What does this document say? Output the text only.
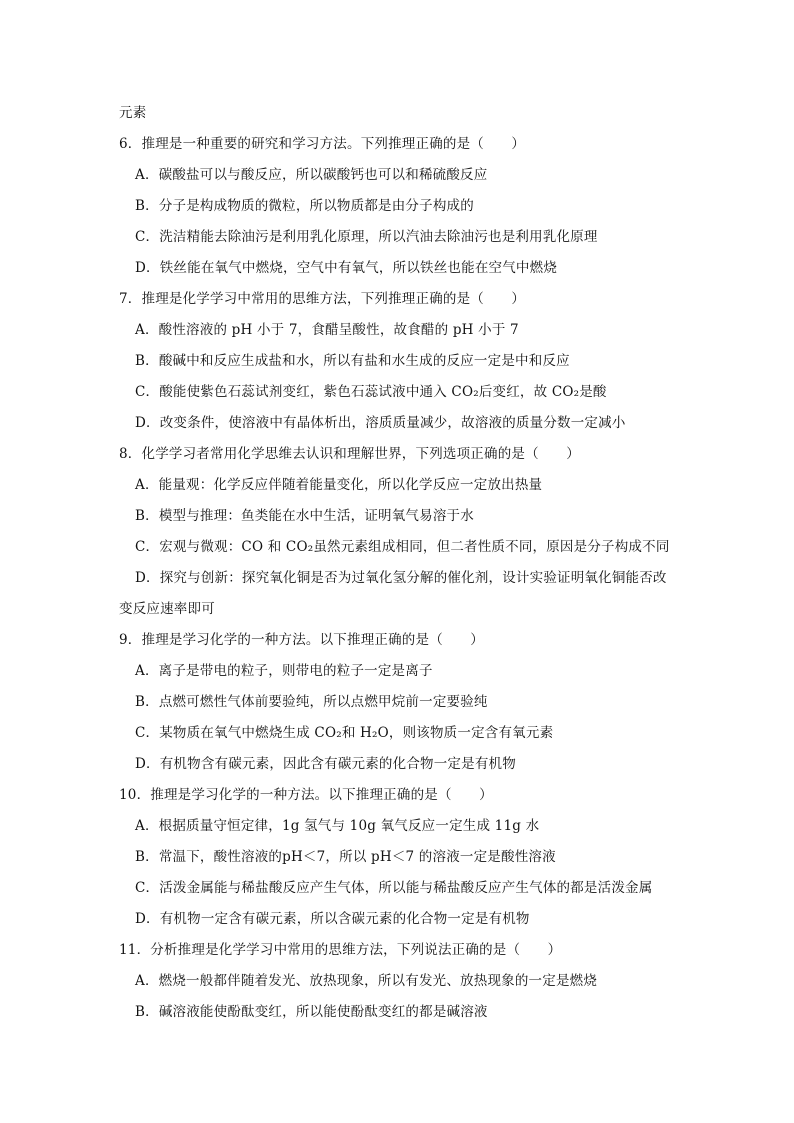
元素
6．推理是一种重要的研究和学习方法。下列推理正确的是（　　）
A．碳酸盐可以与酸反应，所以碳酸钙也可以和稀硫酸反应
B．分子是构成物质的微粒，所以物质都是由分子构成的
C．洗洁精能去除油污是利用乳化原理，所以汽油去除油污也是利用乳化原理
D．铁丝能在氧气中燃烧，空气中有氧气，所以铁丝也能在空气中燃烧
7．推理是化学学习中常用的思维方法，下列推理正确的是（　　）
A．酸性溶液的 pH 小于 7，食醋呈酸性，故食醋的 pH 小于 7
B．酸碱中和反应生成盐和水，所以有盐和水生成的反应一定是中和反应
C．酸能使紫色石蕊试剂变红，紫色石蕊试液中通入 CO₂后变红，故 CO₂是酸
D．改变条件，使溶液中有晶体析出，溶质质量减少，故溶液的质量分数一定减小
8．化学学习者常用化学思维去认识和理解世界，下列选项正确的是（　　）
A．能量观：化学反应伴随着能量变化，所以化学反应一定放出热量
B．模型与推理：鱼类能在水中生活，证明氧气易溶于水
C．宏观与微观：CO 和 CO₂虽然元素组成相同，但二者性质不同，原因是分子构成不同
D．探究与创新：探究氧化铜是否为过氧化氢分解的催化剂，设计实验证明氧化铜能否改
变反应速率即可
9．推理是学习化学的一种方法。以下推理正确的是（　　）
A．离子是带电的粒子，则带电的粒子一定是离子
B．点燃可燃性气体前要验纯，所以点燃甲烷前一定要验纯
C．某物质在氧气中燃烧生成 CO₂和 H₂O，则该物质一定含有氧元素
D．有机物含有碳元素，因此含有碳元素的化合物一定是有机物
10．推理是学习化学的一种方法。以下推理正确的是（　　）
A．根据质量守恒定律，1g 氢气与 10g 氧气反应一定生成 11g 水
B．常温下，酸性溶液的pH＜7，所以 pH＜7 的溶液一定是酸性溶液
C．活泼金属能与稀盐酸反应产生气体，所以能与稀盐酸反应产生气体的都是活泼金属
D．有机物一定含有碳元素，所以含碳元素的化合物一定是有机物
11．分析推理是化学学习中常用的思维方法，下列说法正确的是（　　）
A．燃烧一般都伴随着发光、放热现象，所以有发光、放热现象的一定是燃烧
B．碱溶液能使酚酞变红，所以能使酚酞变红的都是碱溶液
